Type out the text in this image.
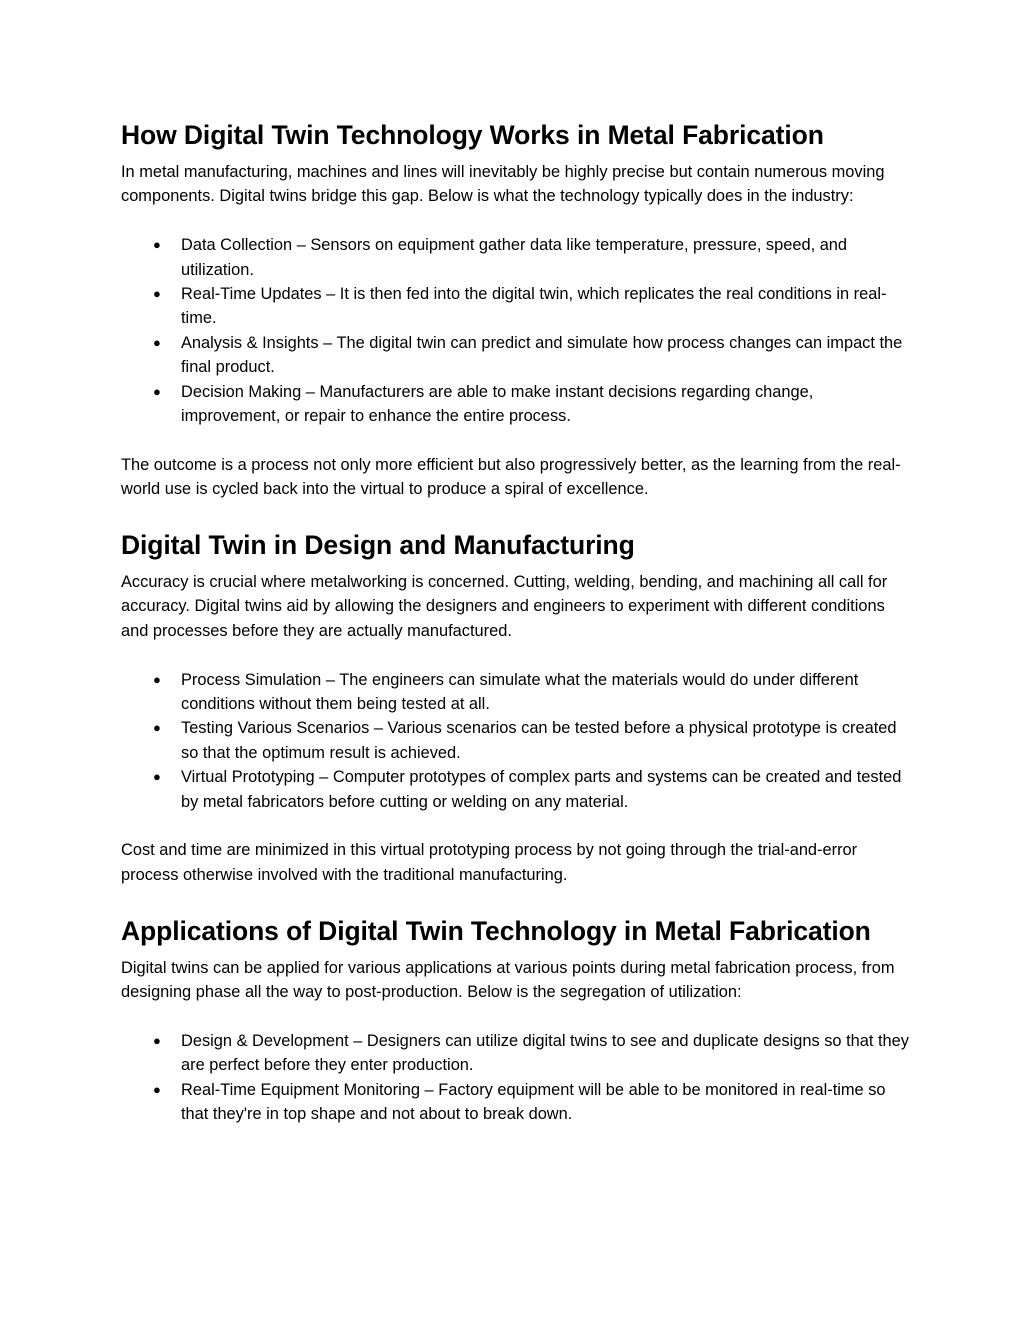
How Digital Twin Technology Works in Metal Fabrication

In metal manufacturing, machines and lines will inevitably be highly precise but contain numerous moving components. Digital twins bridge this gap. Below is what the technology typically does in the industry:

● Data Collection – Sensors on equipment gather data like temperature, pressure, speed, and utilization.
● Real-Time Updates – It is then fed into the digital twin, which replicates the real conditions in real-time.
● Analysis & Insights – The digital twin can predict and simulate how process changes can impact the final product.
● Decision Making – Manufacturers are able to make instant decisions regarding change, improvement, or repair to enhance the entire process.

The outcome is a process not only more efficient but also progressively better, as the learning from the real-world use is cycled back into the virtual to produce a spiral of excellence.

Digital Twin in Design and Manufacturing

Accuracy is crucial where metalworking is concerned. Cutting, welding, bending, and machining all call for accuracy. Digital twins aid by allowing the designers and engineers to experiment with different conditions and processes before they are actually manufactured.

● Process Simulation – The engineers can simulate what the materials would do under different conditions without them being tested at all.
● Testing Various Scenarios – Various scenarios can be tested before a physical prototype is created so that the optimum result is achieved.
● Virtual Prototyping – Computer prototypes of complex parts and systems can be created and tested by metal fabricators before cutting or welding on any material.

Cost and time are minimized in this virtual prototyping process by not going through the trial-and-error process otherwise involved with the traditional manufacturing.

Applications of Digital Twin Technology in Metal Fabrication

Digital twins can be applied for various applications at various points during metal fabrication process, from designing phase all the way to post-production. Below is the segregation of utilization:

● Design & Development – Designers can utilize digital twins to see and duplicate designs so that they are perfect before they enter production.
● Real-Time Equipment Monitoring – Factory equipment will be able to be monitored in real-time so that they're in top shape and not about to break down.
